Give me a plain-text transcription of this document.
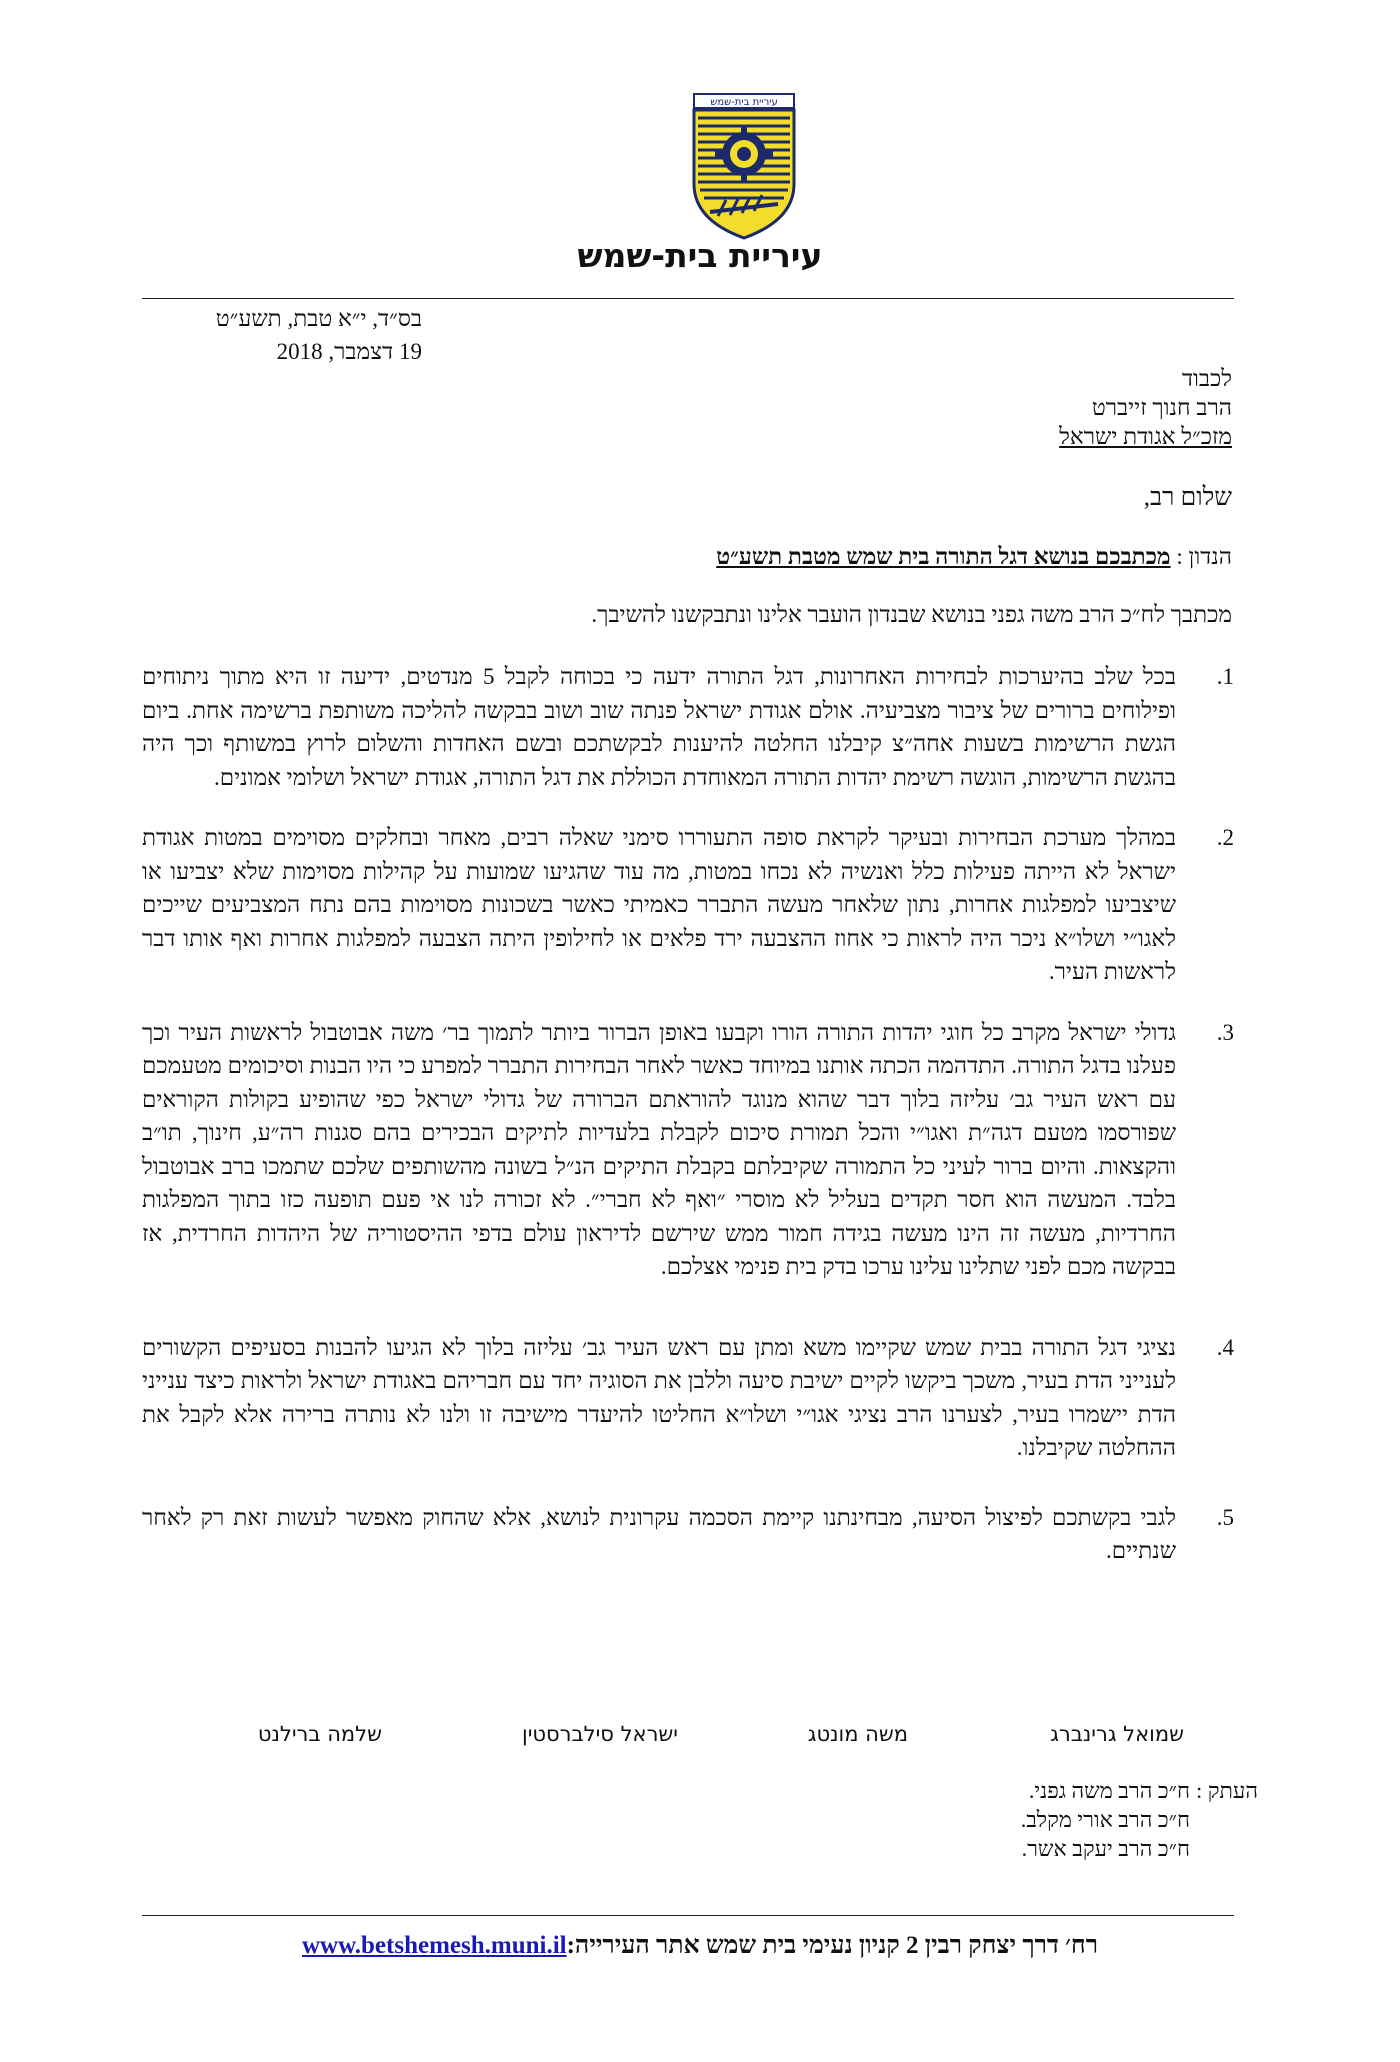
עיריית בית-שמש
עיריית בית-שמש
בס״ד, י״א טבת, תשע״ט
19 דצמבר, 2018
לכבוד
הרב חנוך זייברט
מזכ״ל אגודת ישראל
שלום רב,
הנדון : מכתבכם בנושא דגל התורה בית שמש מטבת תשע״ט
מכתבך לח״כ הרב משה גפני בנושא שבנדון הועבר אלינו ונתבקשנו להשיבך.
1.
בכל שלב בהיערכות לבחירות האחרונות, דגל התורה ידעה כי בכוחה לקבל 5 מנדטים, ידיעה זו היא מתוך ניתוחים ופילוחים ברורים של ציבור מצביעיה. אולם אגודת ישראל פנתה שוב ושוב בבקשה להליכה משותפת ברשימה אחת. ביום הגשת הרשימות בשעות אחה״צ קיבלנו החלטה להיענות לבקשתכם ובשם האחדות והשלום לרוץ במשותף וכך היה בהגשת הרשימות, הוגשה רשימת יהדות התורה המאוחדת הכוללת את דגל התורה, אגודת ישראל ושלומי אמונים.
2.
במהלך מערכת הבחירות ובעיקר לקראת סופה התעוררו סימני שאלה רבים, מאחר ובחלקים מסוימים במטות אגודת ישראל לא הייתה פעילות כלל ואנשיה לא נכחו במטות, מה עוד שהגיעו שמועות על קהילות מסוימות שלא יצביעו או שיצביעו למפלגות אחרות, נתון שלאחר מעשה התברר כאמיתי כאשר בשכונות מסוימות בהם נתח המצביעים שייכים לאגו״י ושלו״א ניכר היה לראות כי אחוז ההצבעה ירד פלאים או לחילופין היתה הצבעה למפלגות אחרות ואף אותו דבר לראשות העיר.
3.
גדולי ישראל מקרב כל חוגי יהדות התורה הורו וקבעו באופן הברור ביותר לתמוך בר׳ משה אבוטבול לראשות העיר וכך פעלנו בדגל התורה. התדהמה הכתה אותנו במיוחד כאשר לאחר הבחירות התברר למפרע כי היו הבנות וסיכומים מטעמכם עם ראש העיר גב׳ עליזה בלוך דבר שהוא מנוגד להוראתם הברורה של גדולי ישראל כפי שהופיע בקולות הקוראים שפורסמו מטעם דגה״ת ואגו״י והכל תמורת סיכום לקבלת בלעדיות לתיקים הבכירים בהם סגנות רה״ע, חינוך, תו״ב והקצאות. והיום ברור לעיני כל התמורה שקיבלתם בקבלת התיקים הנ״ל בשונה מהשותפים שלכם שתמכו ברב אבוטבול בלבד. המעשה הוא חסר תקדים בעליל לא מוסרי ״ואף לא חברי״. לא זכורה לנו אי פעם תופעה כזו בתוך המפלגות החרדיות, מעשה זה הינו מעשה בגידה חמור ממש שירשם לדיראון עולם בדפי ההיסטוריה של היהדות החרדית, אז בבקשה מכם לפני שתלינו עלינו ערכו בדק בית פנימי אצלכם.
4.
נציגי דגל התורה בבית שמש שקיימו משא ומתן עם ראש העיר גב׳ עליזה בלוך לא הגיעו להבנות בסעיפים הקשורים לענייני הדת בעיר, משכך ביקשו לקיים ישיבת סיעה וללבן את הסוגיה יחד עם חבריהם באגודת ישראל ולראות כיצד ענייני הדת יישמרו בעיר, לצערנו הרב נציגי אגו״י ושלו״א החליטו להיעדר מישיבה זו ולנו לא נותרה ברירה אלא לקבל את ההחלטה שקיבלנו.
5.
לגבי בקשתכם לפיצול הסיעה, מבחינתנו קיימת הסכמה עקרונית לנושא, אלא שהחוק מאפשר לעשות זאת רק לאחר שנתיים.
שמואל גרינברג
משה מונטג
ישראל סילברסטין
שלמה ברילנט
העתק :
ח״כ הרב משה גפני.
ח״כ הרב אורי מקלב.
ח״כ הרב יעקב אשר.
רח׳ דרך יצחק רבין 2 קניון נעימי בית שמש אתר העירייה:www.betshemesh.muni.il
